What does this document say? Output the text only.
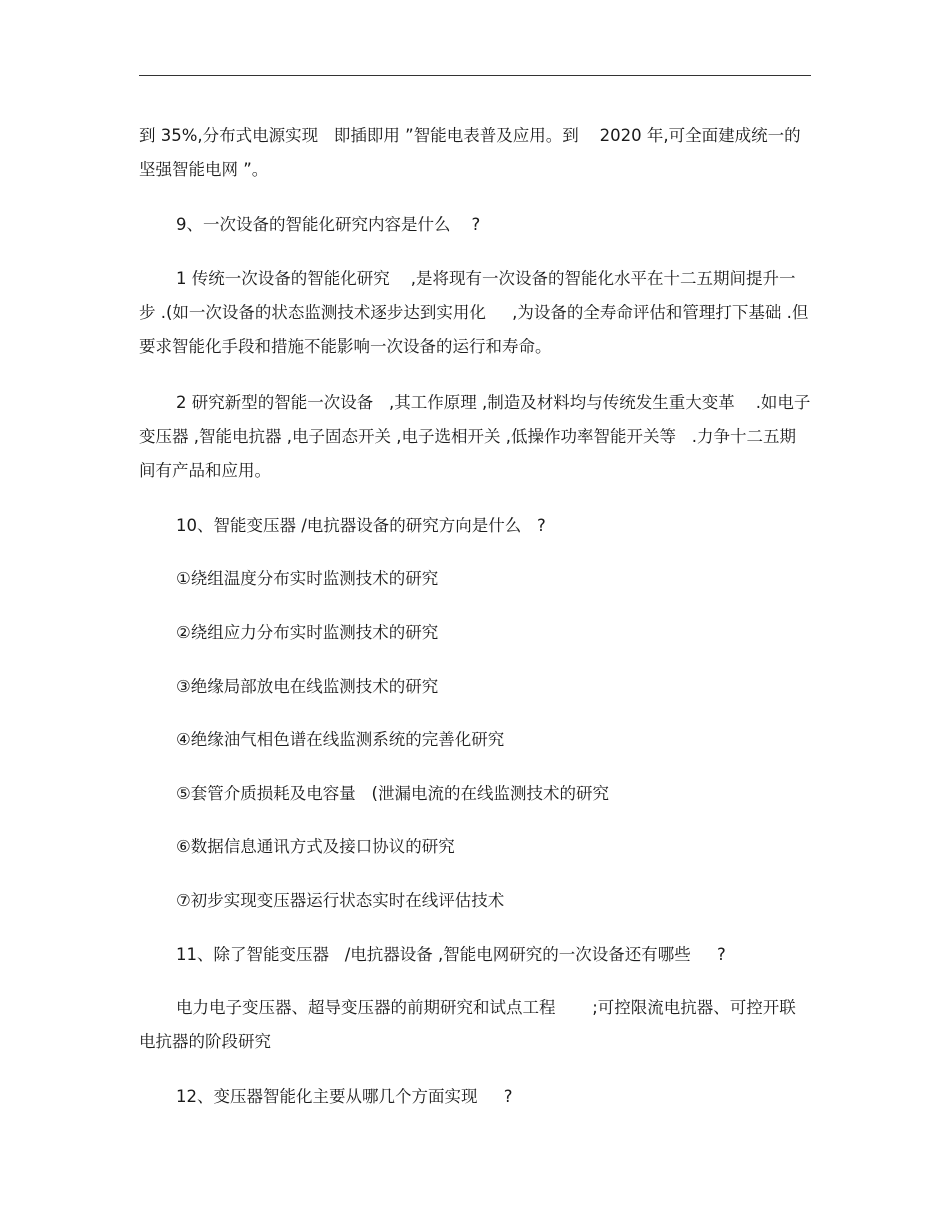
到 35%,分布式电源实现   即插即用 ”智能电表普及应用。到    2020 年,可全面建成统一的  坚强智能电网 ”。

9、一次设备的智能化研究内容是什么    ?

1 传统一次设备的智能化研究    ,是将现有一次设备的智能化水平在十二五期间提升一步 .(如一次设备的状态监测技术逐步达到实用化     ,为设备的全寿命评估和管理打下基础 .但要求智能化手段和措施不能影响一次设备的运行和寿命。

2 研究新型的智能一次设备   ,其工作原理 ,制造及材料均与传统发生重大变革    .如电子变压器 ,智能电抗器 ,电子固态开关 ,电子选相开关 ,低操作功率智能开关等   .力争十二五期间有产品和应用。

10、智能变压器 /电抗器设备的研究方向是什么   ?

①绕组温度分布实时监测技术的研究

②绕组应力分布实时监测技术的研究

③绝缘局部放电在线监测技术的研究

④绝缘油气相色谱在线监测系统的完善化研究

⑤套管介质损耗及电容量   (泄漏电流的在线监测技术的研究

⑥数据信息通讯方式及接口协议的研究

⑦初步实现变压器运行状态实时在线评估技术

11、除了智能变压器   /电抗器设备 ,智能电网研究的一次设备还有哪些     ?

电力电子变压器、超导变压器的前期研究和试点工程       ;可控限流电抗器、可控开联电抗器的阶段研究

12、变压器智能化主要从哪几个方面实现     ?
